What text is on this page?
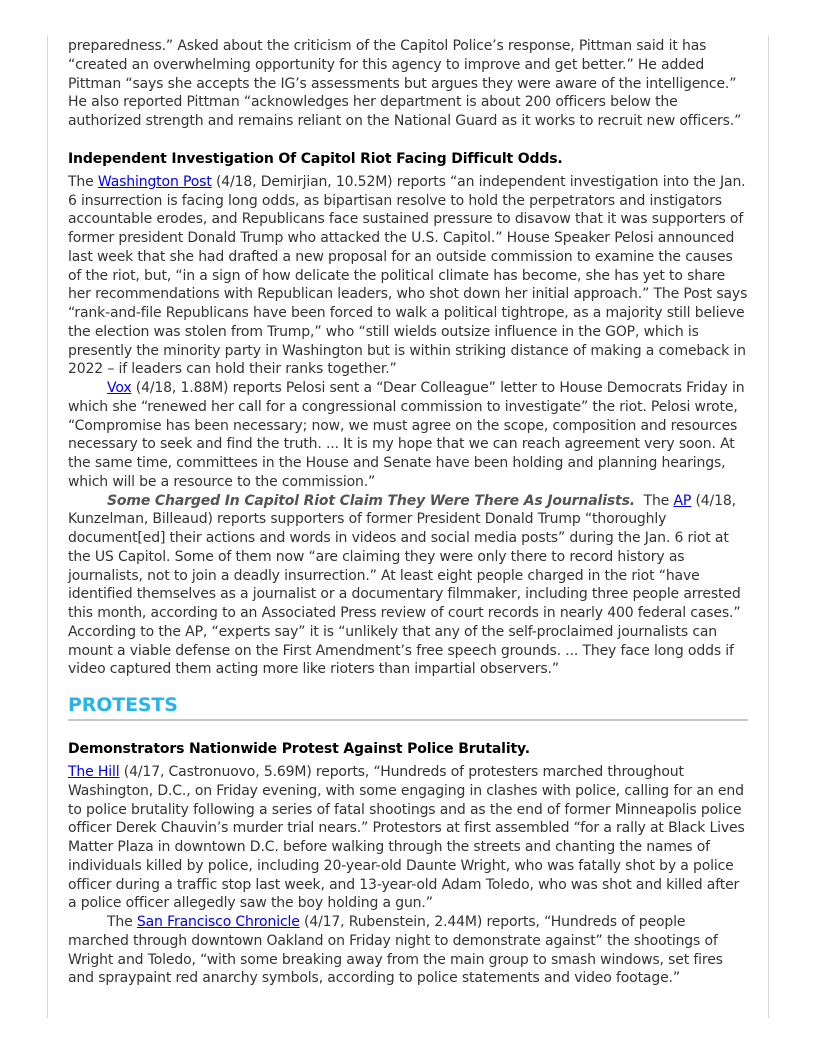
preparedness.” Asked about the criticism of the Capitol Police’s response, Pittman said it has “created an overwhelming opportunity for this agency to improve and get better.” He added Pittman “says she accepts the IG’s assessments but argues they were aware of the intelligence.” He also reported Pittman “acknowledges her department is about 200 officers below the authorized strength and remains reliant on the National Guard as it works to recruit new officers.”

Independent Investigation Of Capitol Riot Facing Difficult Odds.

The Washington Post (4/18, Demirjian, 10.52M) reports “an independent investigation into the Jan. 6 insurrection is facing long odds, as bipartisan resolve to hold the perpetrators and instigators accountable erodes, and Republicans face sustained pressure to disavow that it was supporters of former president Donald Trump who attacked the U.S. Capitol.” House Speaker Pelosi announced last week that she had drafted a new proposal for an outside commission to examine the causes of the riot, but, “in a sign of how delicate the political climate has become, she has yet to share her recommendations with Republican leaders, who shot down her initial approach.” The Post says “rank-and-file Republicans have been forced to walk a political tightrope, as a majority still believe the election was stolen from Trump,” who “still wields outsize influence in the GOP, which is presently the minority party in Washington but is within striking distance of making a comeback in 2022 – if leaders can hold their ranks together.”

Vox (4/18, 1.88M) reports Pelosi sent a “Dear Colleague” letter to House Democrats Friday in which she “renewed her call for a congressional commission to investigate” the riot. Pelosi wrote, “Compromise has been necessary; now, we must agree on the scope, composition and resources necessary to seek and find the truth. ... It is my hope that we can reach agreement very soon. At the same time, committees in the House and Senate have been holding and planning hearings, which will be a resource to the commission.”

Some Charged In Capitol Riot Claim They Were There As Journalists.  The AP (4/18, Kunzelman, Billeaud) reports supporters of former President Donald Trump “thoroughly document[ed] their actions and words in videos and social media posts” during the Jan. 6 riot at the US Capitol. Some of them now “are claiming they were only there to record history as journalists, not to join a deadly insurrection.” At least eight people charged in the riot “have identified themselves as a journalist or a documentary filmmaker, including three people arrested this month, according to an Associated Press review of court records in nearly 400 federal cases.” According to the AP, “experts say” it is “unlikely that any of the self-proclaimed journalists can mount a viable defense on the First Amendment’s free speech grounds. ... They face long odds if video captured them acting more like rioters than impartial observers.”

PROTESTS
Demonstrators Nationwide Protest Against Police Brutality.

The Hill (4/17, Castronuovo, 5.69M) reports, “Hundreds of protesters marched throughout Washington, D.C., on Friday evening, with some engaging in clashes with police, calling for an end to police brutality following a series of fatal shootings and as the end of former Minneapolis police officer Derek Chauvin’s murder trial nears.” Protestors at first assembled “for a rally at Black Lives Matter Plaza in downtown D.C. before walking through the streets and chanting the names of individuals killed by police, including 20-year-old Daunte Wright, who was fatally shot by a police officer during a traffic stop last week, and 13-year-old Adam Toledo, who was shot and killed after a police officer allegedly saw the boy holding a gun.”

The San Francisco Chronicle (4/17, Rubenstein, 2.44M) reports, “Hundreds of people marched through downtown Oakland on Friday night to demonstrate against” the shootings of Wright and Toledo, “with some breaking away from the main group to smash windows, set fires and spraypaint red anarchy symbols, according to police statements and video footage.”
